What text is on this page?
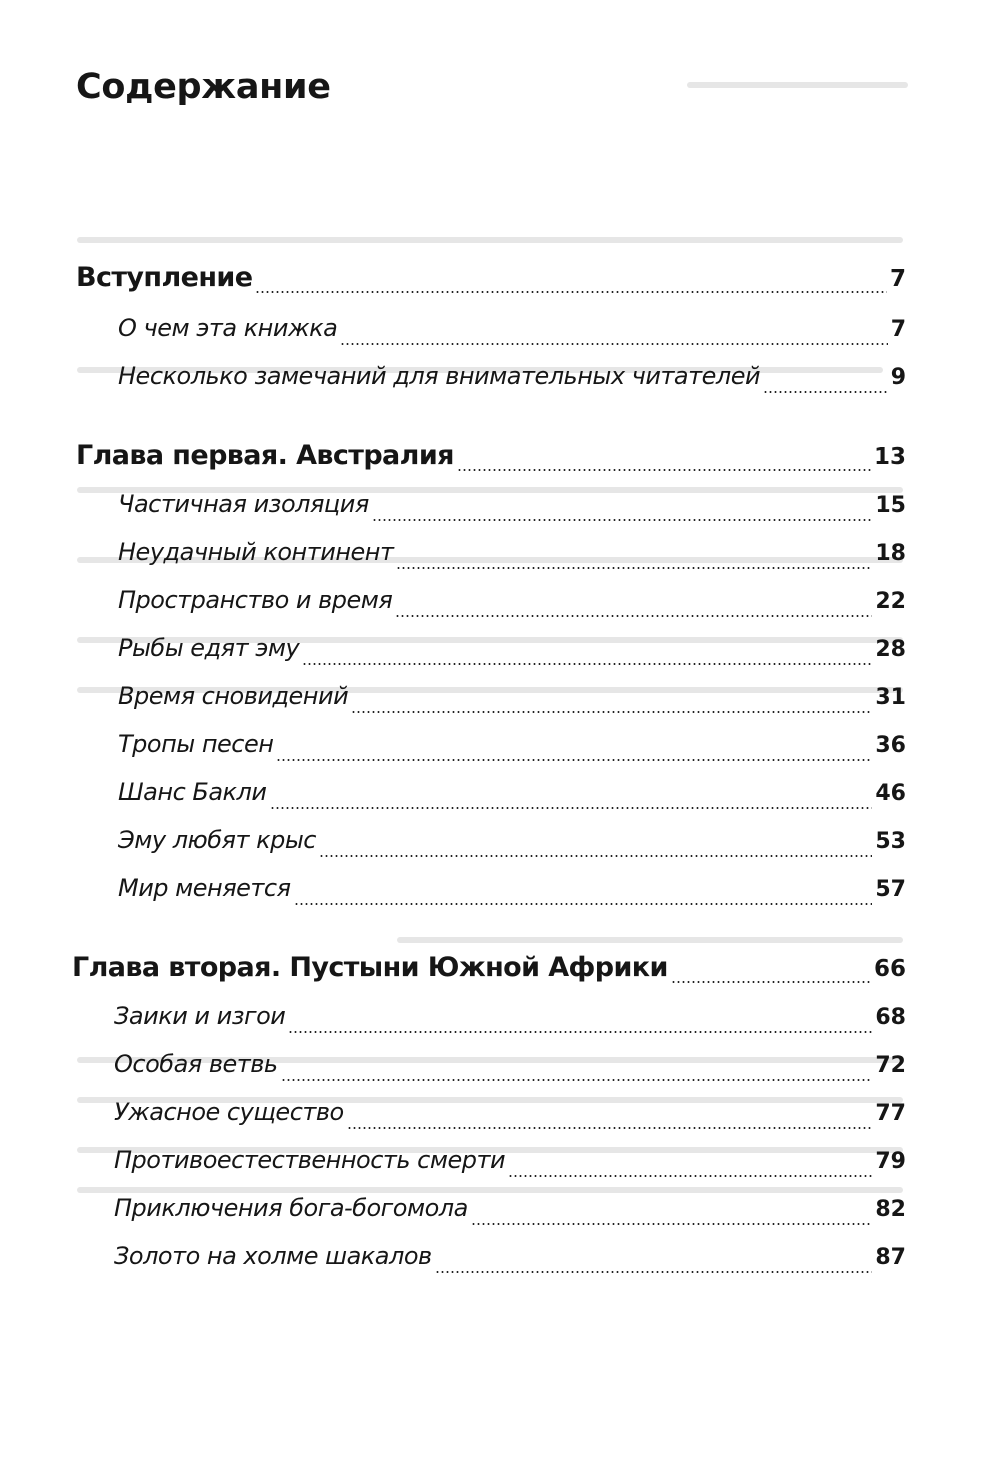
Содержание
Вступление	7
О чем эта книжка	7
Несколько замечаний для внимательных читателей	9
Глава первая. Австралия	13
Частичная изоляция	15
Неудачный континент	18
Пространство и время	22
Рыбы едят эму	28
Время сновидений	31
Тропы песен	36
Шанс Бакли	46
Эму любят крыс	53
Мир меняется	57
Глава вторая. Пустыни Южной Африки	66
Заики и изгои	68
Особая ветвь	72
Ужасное существо	77
Противоестественность смерти	79
Приключения бога-богомола	82
Золото на холме шакалов	87
